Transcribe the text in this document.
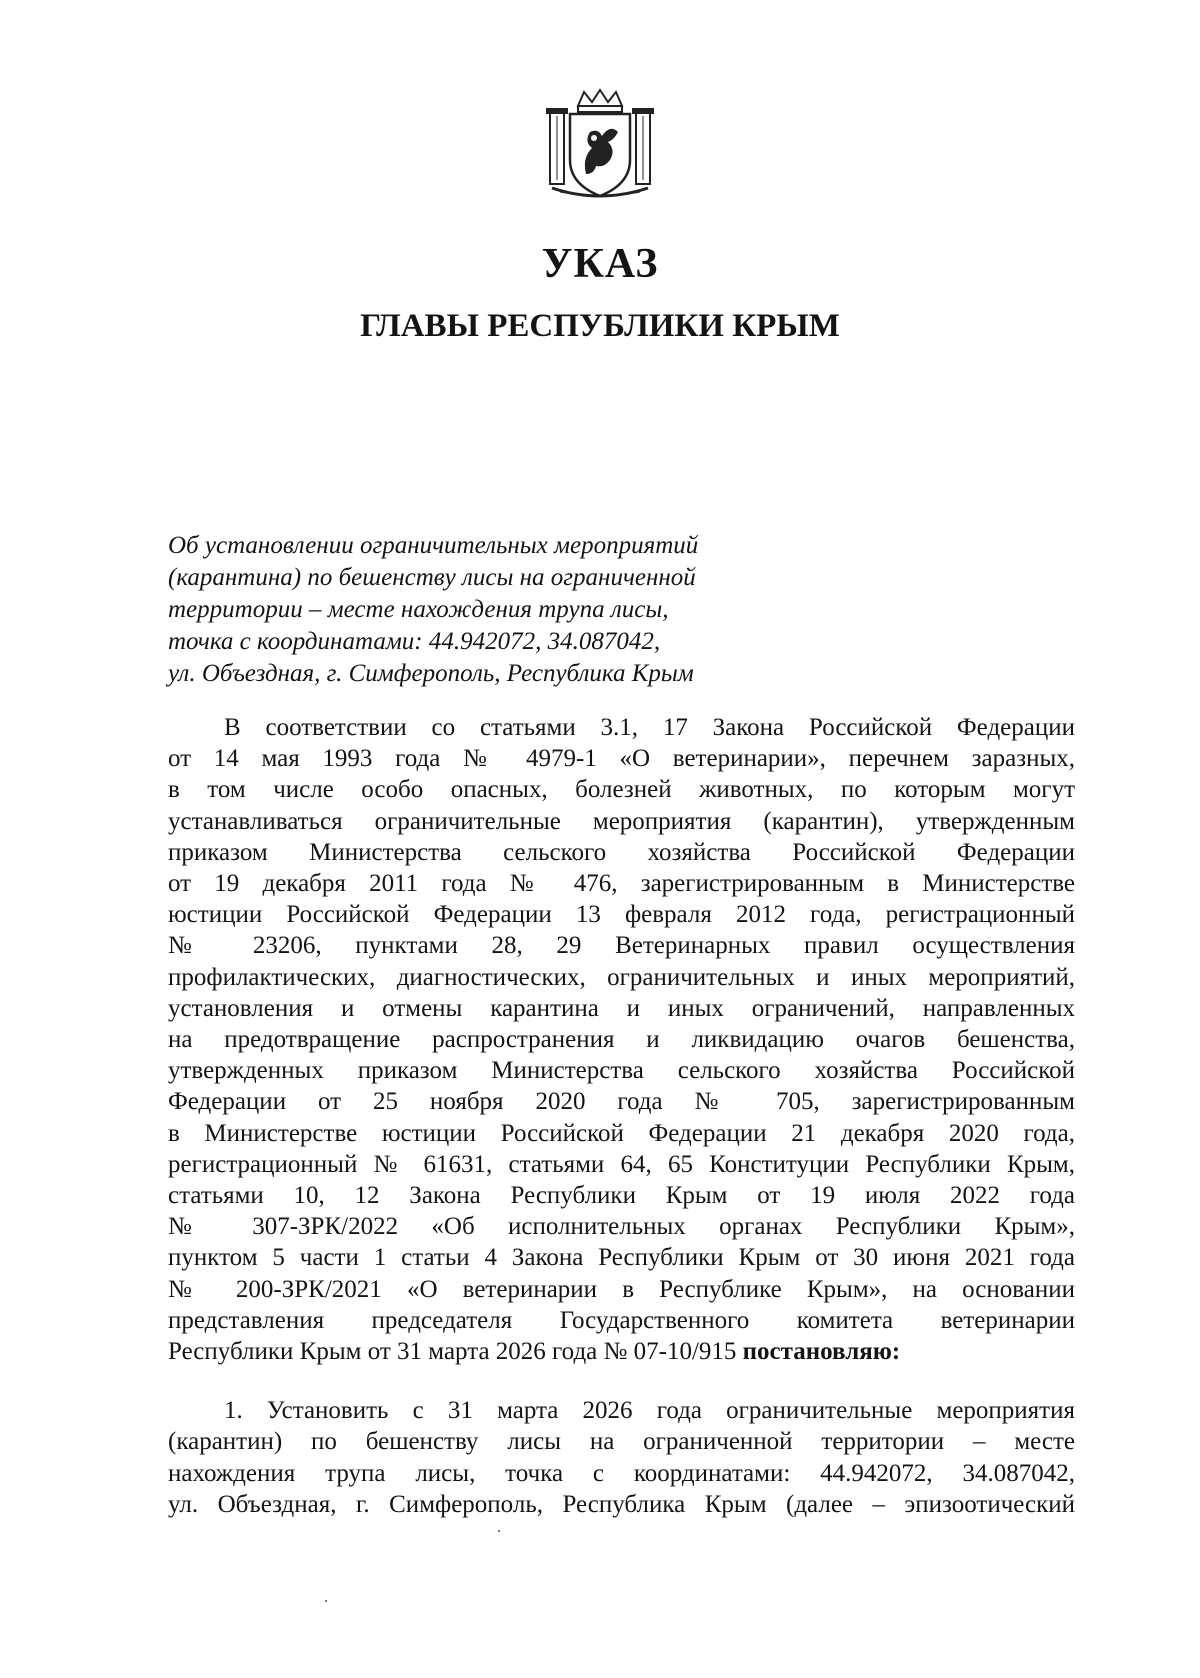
УКАЗ
ГЛАВЫ РЕСПУБЛИКИ КРЫМ
Об установлении ограничительных мероприятий
(карантина) по бешенству лисы на ограниченной
территории – месте нахождения трупа лисы,
точка с координатами: 44.942072, 34.087042,
ул. Объездная, г. Симферополь, Республика Крым

В соответствии со статьями 3.1, 17 Закона Российской Федерации
от 14 мая 1993 года № 4979-1 «О ветеринарии», перечнем заразных,
в том числе особо опасных, болезней животных, по которым могут
устанавливаться ограничительные мероприятия (карантин), утвержденным
приказом Министерства сельского хозяйства Российской Федерации
от 19 декабря 2011 года № 476, зарегистрированным в Министерстве
юстиции Российской Федерации 13 февраля 2012 года, регистрационный
№ 23206, пунктами 28, 29 Ветеринарных правил осуществления
профилактических, диагностических, ограничительных и иных мероприятий,
установления и отмены карантина и иных ограничений, направленных
на предотвращение распространения и ликвидацию очагов бешенства,
утвержденных приказом Министерства сельского хозяйства Российской
Федерации от 25 ноября 2020 года № 705, зарегистрированным
в Министерстве юстиции Российской Федерации 21 декабря 2020 года,
регистрационный № 61631, статьями 64, 65 Конституции Республики Крым,
статьями 10, 12 Закона Республики Крым от 19 июля 2022 года
№ 307-ЗРК/2022 «Об исполнительных органах Республики Крым»,
пунктом 5 части 1 статьи 4 Закона Республики Крым от 30 июня 2021 года
№ 200-ЗРК/2021 «О ветеринарии в Республике Крым», на основании
представления председателя Государственного комитета ветеринарии
Республики Крым от 31 марта 2026 года № 07-10/915 постановляю:

1. Установить с 31 марта 2026 года ограничительные мероприятия
(карантин) по бешенству лисы на ограниченной территории – месте
нахождения трупа лисы, точка с координатами: 44.942072, 34.087042,
ул. Объездная, г. Симферополь, Республика Крым (далее – эпизоотический
